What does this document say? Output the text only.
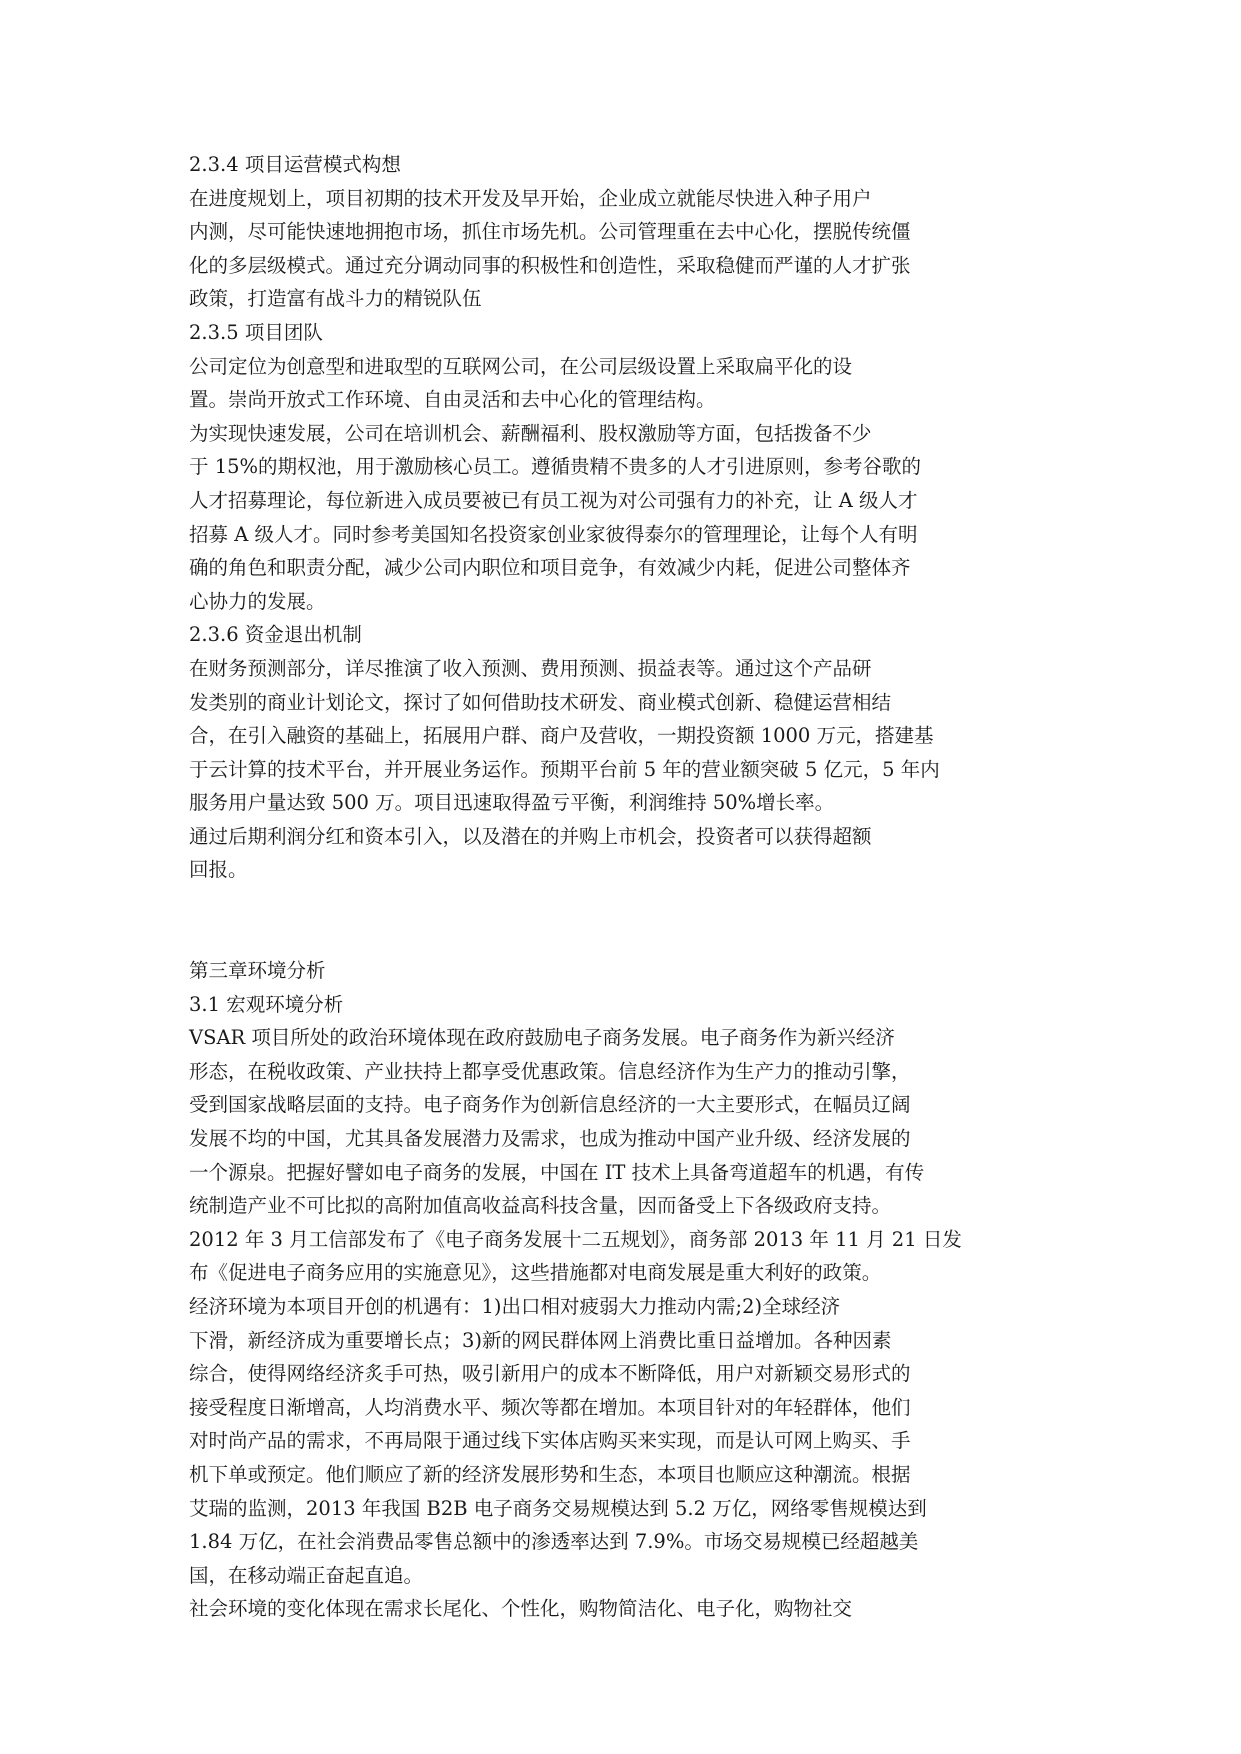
2.3.4 项目运营模式构想
在进度规划上，项目初期的技术开发及早开始，企业成立就能尽快进入种子用户
内测，尽可能快速地拥抱市场，抓住市场先机。公司管理重在去中心化，摆脱传统僵
化的多层级模式。通过充分调动同事的积极性和创造性，采取稳健而严谨的人才扩张
政策，打造富有战斗力的精锐队伍
2.3.5 项目团队
公司定位为创意型和进取型的互联网公司，在公司层级设置上采取扁平化的设
置。崇尚开放式工作环境、自由灵活和去中心化的管理结构。
为实现快速发展，公司在培训机会、薪酬福利、股权激励等方面，包括拨备不少
于 15%的期权池，用于激励核心员工。遵循贵精不贵多的人才引进原则，参考谷歌的
人才招募理论，每位新进入成员要被已有员工视为对公司强有力的补充，让 A 级人才
招募 A 级人才。同时参考美国知名投资家创业家彼得泰尔的管理理论，让每个人有明
确的角色和职责分配，减少公司内职位和项目竞争，有效减少内耗，促进公司整体齐
心协力的发展。
2.3.6 资金退出机制
在财务预测部分，详尽推演了收入预测、费用预测、损益表等。通过这个产品研
发类别的商业计划论文，探讨了如何借助技术研发、商业模式创新、稳健运营相结
合，在引入融资的基础上，拓展用户群、商户及营收，一期投资额 1000 万元，搭建基
于云计算的技术平台，并开展业务运作。预期平台前 5 年的营业额突破 5 亿元，5 年内
服务用户量达致 500 万。项目迅速取得盈亏平衡，利润维持 50%增长率。
通过后期利润分红和资本引入，以及潜在的并购上市机会，投资者可以获得超额
回报。
第三章环境分析
3.1 宏观环境分析
VSAR 项目所处的政治环境体现在政府鼓励电子商务发展。电子商务作为新兴经济
形态，在税收政策、产业扶持上都享受优惠政策。信息经济作为生产力的推动引擎，
受到国家战略层面的支持。电子商务作为创新信息经济的一大主要形式，在幅员辽阔
发展不均的中国，尤其具备发展潜力及需求，也成为推动中国产业升级、经济发展的
一个源泉。把握好譬如电子商务的发展，中国在 IT 技术上具备弯道超车的机遇，有传
统制造产业不可比拟的高附加值高收益高科技含量，因而备受上下各级政府支持。
2012 年 3 月工信部发布了《电子商务发展十二五规划》，商务部 2013 年 11 月 21 日发
布《促进电子商务应用的实施意见》，这些措施都对电商发展是重大利好的政策。
经济环境为本项目开创的机遇有：1)出口相对疲弱大力推动内需;2)全球经济
下滑，新经济成为重要增长点；3)新的网民群体网上消费比重日益增加。各种因素
综合，使得网络经济炙手可热，吸引新用户的成本不断降低，用户对新颖交易形式的
接受程度日渐增高，人均消费水平、频次等都在增加。本项目针对的年轻群体，他们
对时尚产品的需求，不再局限于通过线下实体店购买来实现，而是认可网上购买、手
机下单或预定。他们顺应了新的经济发展形势和生态，本项目也顺应这种潮流。根据
艾瑞的监测，2013 年我国 B2B 电子商务交易规模达到 5.2 万亿，网络零售规模达到
1.84 万亿，在社会消费品零售总额中的渗透率达到 7.9%。市场交易规模已经超越美
国，在移动端正奋起直追。
社会环境的变化体现在需求长尾化、个性化，购物简洁化、电子化，购物社交
